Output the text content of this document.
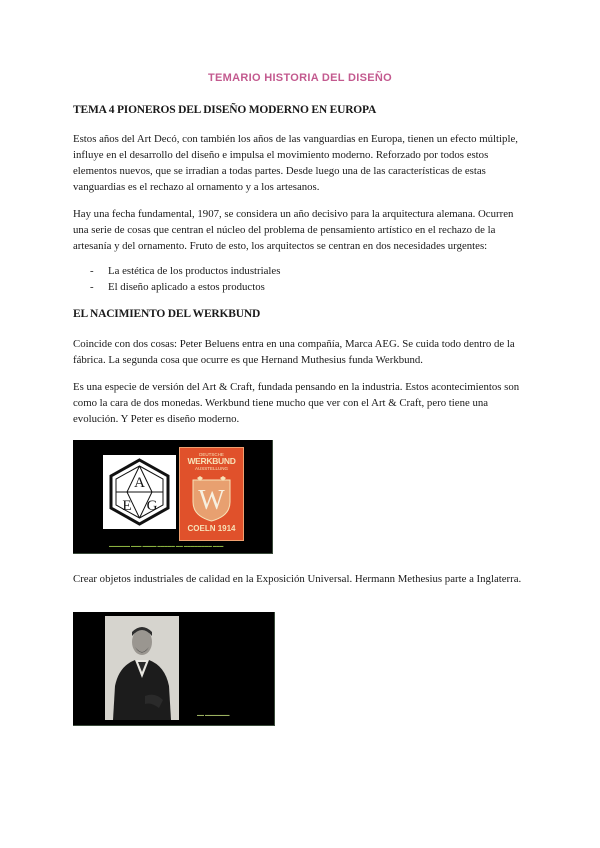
TEMARIO HISTORIA DEL DISEÑO
TEMA 4 PIONEROS DEL DISEÑO MODERNO EN EUROPA

Estos años del Art Decó, con también los años de las vanguardias en Europa, tienen un efecto múltiple, influye en el desarrollo del diseño e impulsa el movimiento moderno. Reforzado por todos estos elementos nuevos, que se irradian a todas partes. Desde luego una de las características de estas vanguardias es el rechazo al ornamento y a los artesanos.

Hay una fecha fundamental, 1907, se considera un año decisivo para la arquitectura alemana. Ocurren una serie de cosas que centran el núcleo del problema de pensamiento artístico en el rechazo de la artesanía y del ornamento. Fruto de esto, los arquitectos se centran en dos necesidades urgentes:

- La estética de los productos industriales
- El diseño aplicado a estos productos
EL NACIMIENTO DEL WERKBUND

Coincide con dos cosas: Peter Beluens entra en una compañía, Marca AEG. Se cuida todo dentro de la fábrica. La segunda cosa que ocurre es que Hernand Muthesius funda Werkbund.

Es una especie de versión del Art & Craft, fundada pensando en la industria. Estos acontecimientos son como la cara de dos monedas. Werkbund tiene mucho que ver con el Art & Craft, pero tiene una evolución. Y Peter es diseño moderno.

A
E G
DEUTSCHE
WERKBUND
AUSSTELLUNG
W
COELN 1914
▬▬▬▬▬▬ ▬▬▬ ▬▬▬▬ ▬▬▬▬▬ ▬▬ ▬▬▬▬▬▬▬▬ ▬▬▬

Crear objetos industriales de calidad en la Exposición Universal. Hermann Methesius parte a Inglaterra.

▬▬ ▬▬▬▬▬▬▬
